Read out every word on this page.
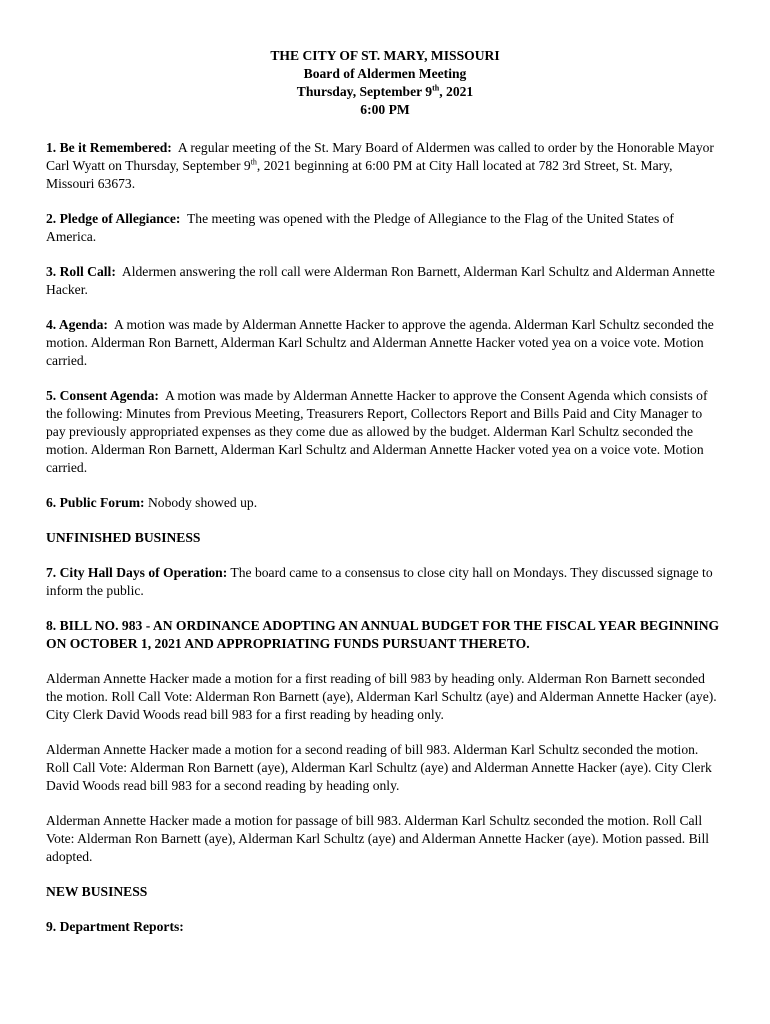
THE CITY OF ST. MARY, MISSOURI
Board of Aldermen Meeting
Thursday, September 9th, 2021
6:00 PM

1. Be it Remembered: A regular meeting of the St. Mary Board of Aldermen was called to order by the Honorable Mayor Carl Wyatt on Thursday, September 9th, 2021 beginning at 6:00 PM at City Hall located at 782 3rd Street, St. Mary, Missouri 63673.

2. Pledge of Allegiance: The meeting was opened with the Pledge of Allegiance to the Flag of the United States of America.

3. Roll Call: Aldermen answering the roll call were Alderman Ron Barnett, Alderman Karl Schultz and Alderman Annette Hacker.

4. Agenda: A motion was made by Alderman Annette Hacker to approve the agenda. Alderman Karl Schultz seconded the motion. Alderman Ron Barnett, Alderman Karl Schultz and Alderman Annette Hacker voted yea on a voice vote. Motion carried.

5. Consent Agenda: A motion was made by Alderman Annette Hacker to approve the Consent Agenda which consists of the following: Minutes from Previous Meeting, Treasurers Report, Collectors Report and Bills Paid and City Manager to pay previously appropriated expenses as they come due as allowed by the budget. Alderman Karl Schultz seconded the motion. Alderman Ron Barnett, Alderman Karl Schultz and Alderman Annette Hacker voted yea on a voice vote. Motion carried.

6. Public Forum: Nobody showed up.

UNFINISHED BUSINESS

7. City Hall Days of Operation: The board came to a consensus to close city hall on Mondays. They discussed signage to inform the public.

8. BILL NO. 983 - AN ORDINANCE ADOPTING AN ANNUAL BUDGET FOR THE FISCAL YEAR BEGINNING ON OCTOBER 1, 2021 AND APPROPRIATING FUNDS PURSUANT THERETO.

Alderman Annette Hacker made a motion for a first reading of bill 983 by heading only. Alderman Ron Barnett seconded the motion. Roll Call Vote: Alderman Ron Barnett (aye), Alderman Karl Schultz (aye) and Alderman Annette Hacker (aye). City Clerk David Woods read bill 983 for a first reading by heading only.

Alderman Annette Hacker made a motion for a second reading of bill 983. Alderman Karl Schultz seconded the motion. Roll Call Vote: Alderman Ron Barnett (aye), Alderman Karl Schultz (aye) and Alderman Annette Hacker (aye). City Clerk David Woods read bill 983 for a second reading by heading only.

Alderman Annette Hacker made a motion for passage of bill 983. Alderman Karl Schultz seconded the motion. Roll Call Vote: Alderman Ron Barnett (aye), Alderman Karl Schultz (aye) and Alderman Annette Hacker (aye). Motion passed. Bill adopted.

NEW BUSINESS

9. Department Reports:
